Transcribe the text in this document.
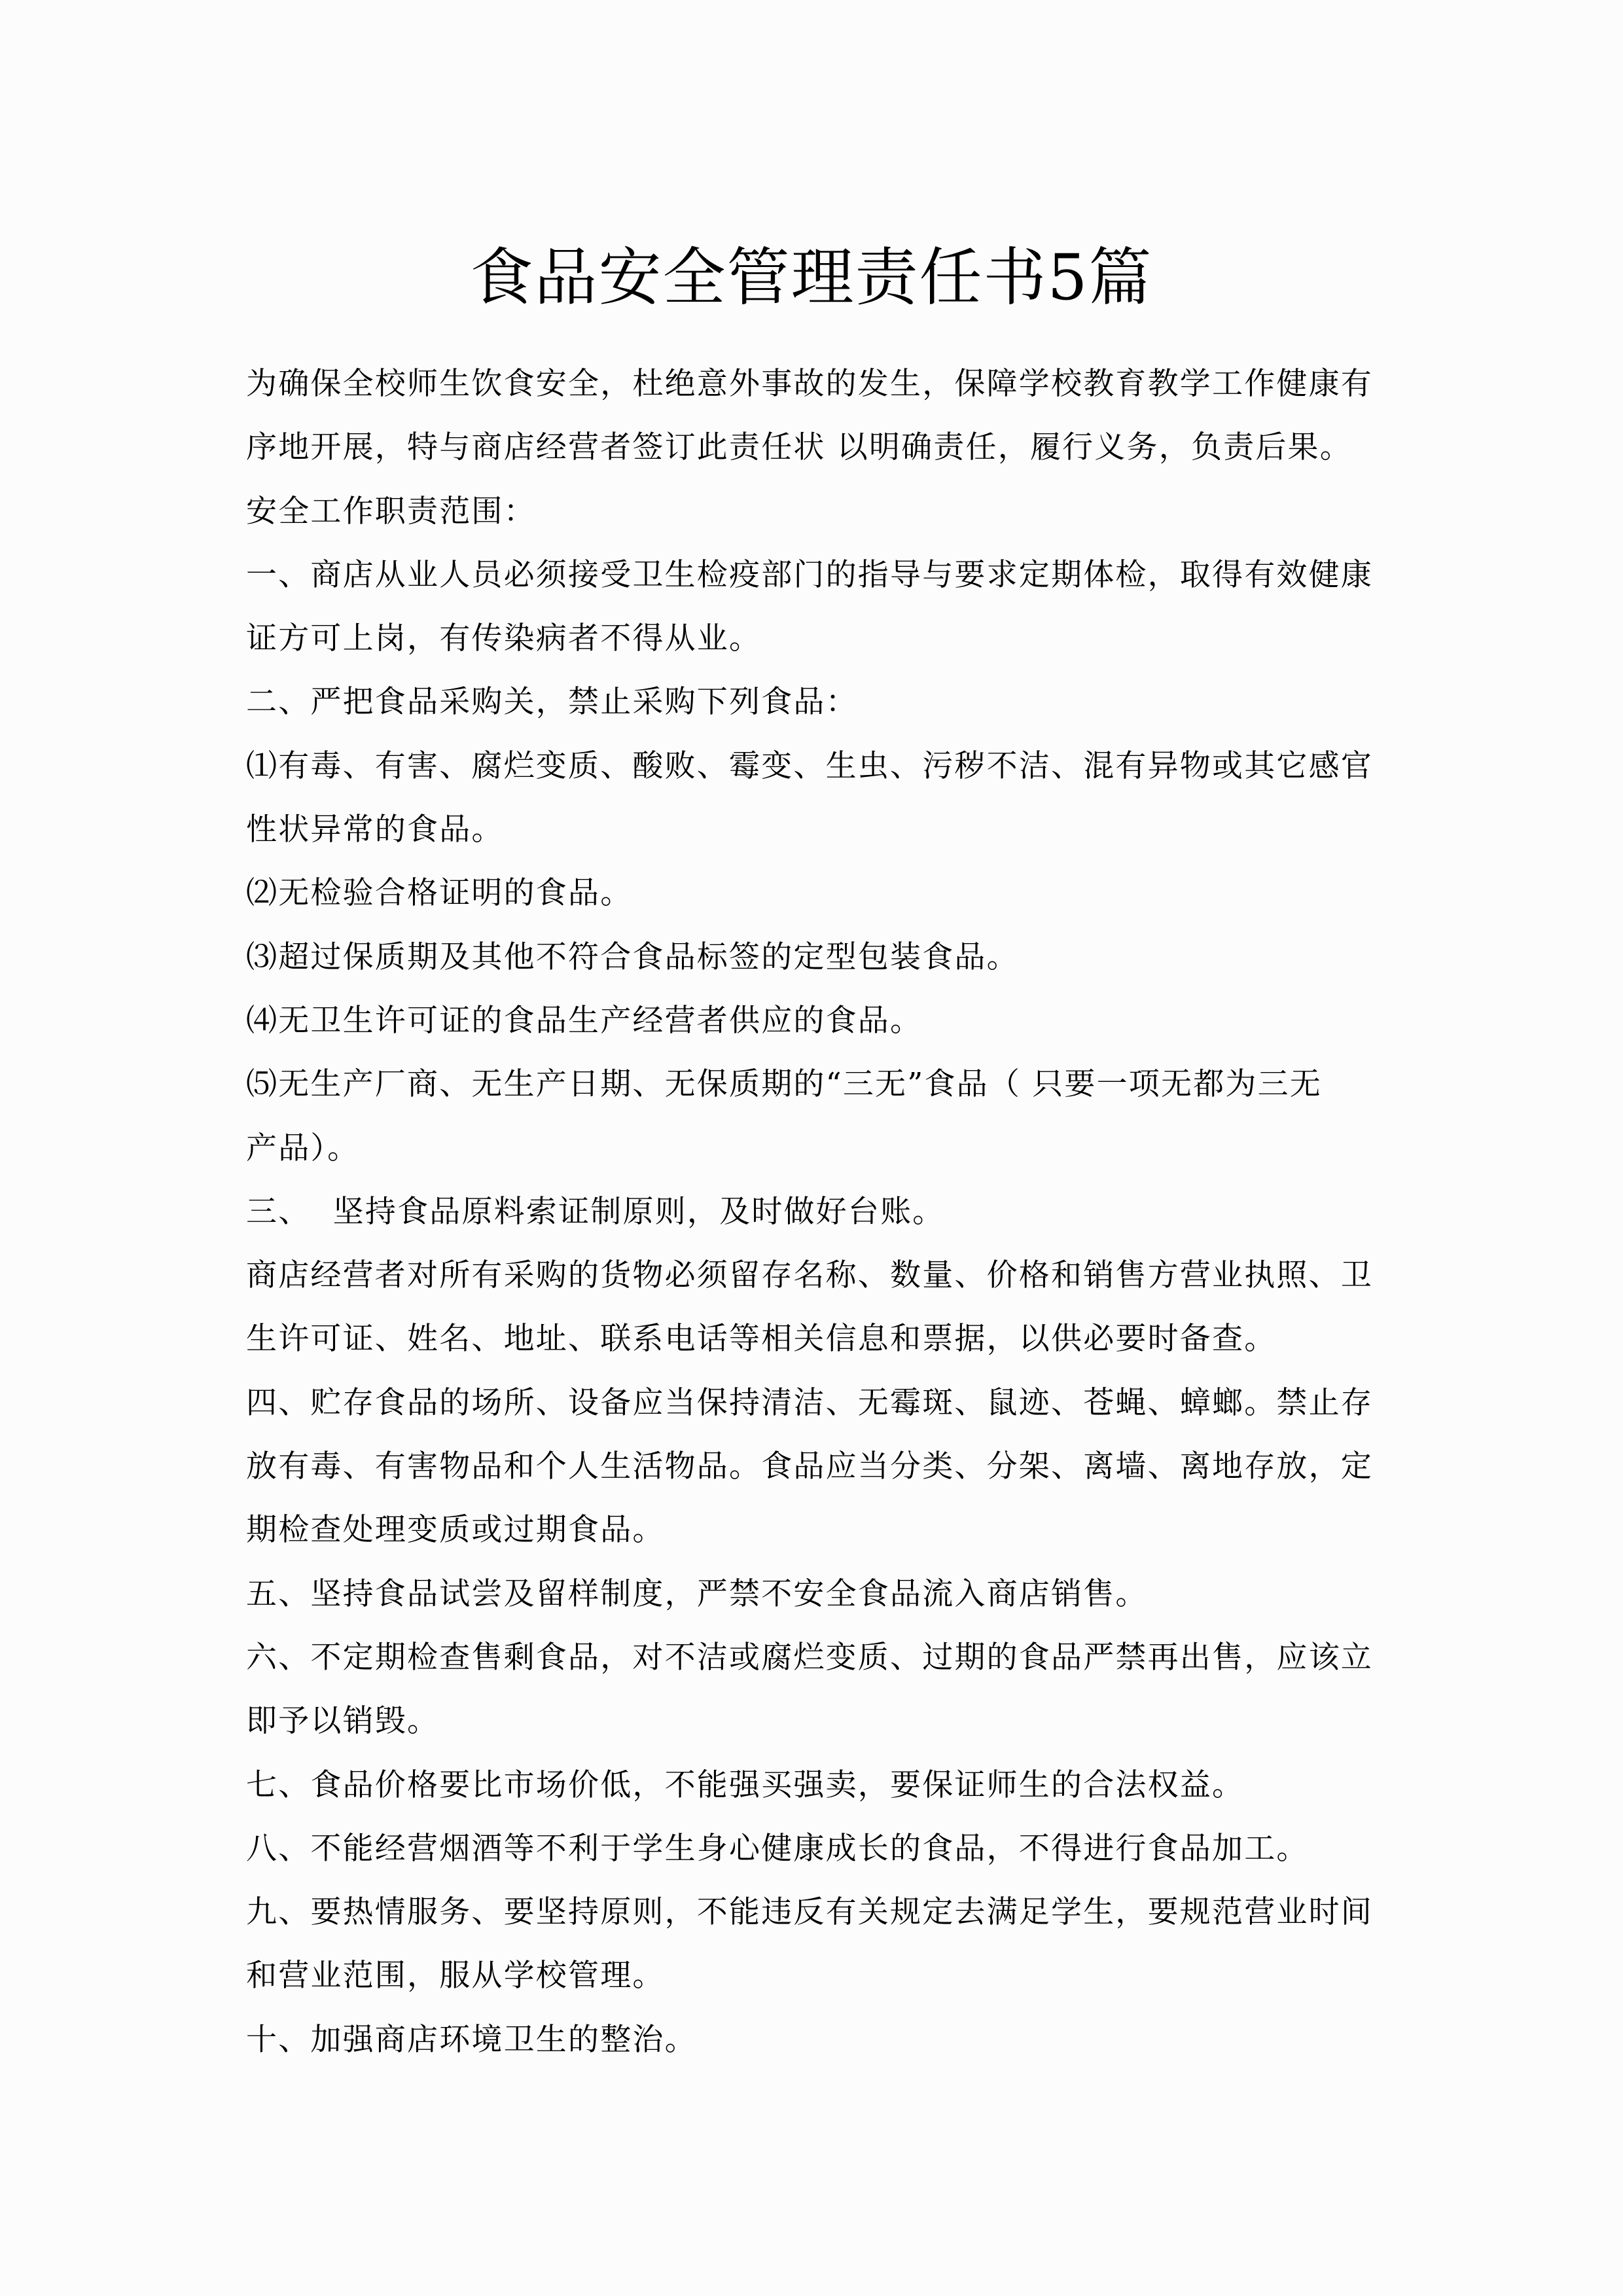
食品安全管理责任书5篇
为确保全校师生饮食安全，杜绝意外事故的发生，保障学校教育教学工作健康有
序地开展，特与商店经营者签订此责任状 以明确责任，履行义务，负责后果。
安全工作职责范围：
一、商店从业人员必须接受卫生检疫部门的指导与要求定期体检，取得有效健康
证方可上岗，有传染病者不得从业。
二、严把食品采购关，禁止采购下列食品：
⑴有毒、有害、腐烂变质、酸败、霉变、生虫、污秽不洁、混有异物或其它感官
性状异常的食品。
⑵无检验合格证明的食品。
⑶超过保质期及其他不符合食品标签的定型包装食品。
⑷无卫生许可证的食品生产经营者供应的食品。
⑸无生产厂商、无生产日期、无保质期的“三无”食品（ 只要一项无都为三无
产品）。
三、  坚持食品原料索证制原则，及时做好台账。
商店经营者对所有采购的货物必须留存名称、数量、价格和销售方营业执照、卫
生许可证、姓名、地址、联系电话等相关信息和票据，以供必要时备查。
四、贮存食品的场所、设备应当保持清洁、无霉斑、鼠迹、苍蝇、蟑螂。禁止存
放有毒、有害物品和个人生活物品。食品应当分类、分架、离墙、离地存放，定
期检查处理变质或过期食品。
五、坚持食品试尝及留样制度，严禁不安全食品流入商店销售。
六、不定期检查售剩食品，对不洁或腐烂变质、过期的食品严禁再出售，应该立
即予以销毁。
七、食品价格要比市场价低，不能强买强卖，要保证师生的合法权益。
八、不能经营烟酒等不利于学生身心健康成长的食品，不得进行食品加工。
九、要热情服务、要坚持原则，不能违反有关规定去满足学生，要规范营业时间
和营业范围，服从学校管理。
十、加强商店环境卫生的整治。
